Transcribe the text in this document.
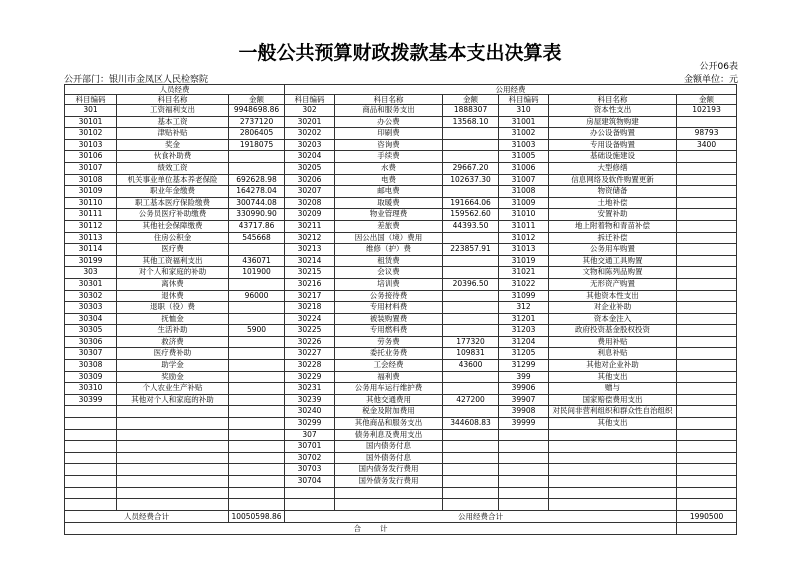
一般公共预算财政拨款基本支出决算表
公开06表
公开部门：银川市金凤区人民检察院	金额单位：元
人员经费			公用经费					
科目编码	科目名称	金额	科目编码	科目名称	金额	科目编码	科目名称	金额
301	工资福利支出	9948698.86	302	商品和服务支出	1888307	310	资本性支出	102193
30101	基本工资	2737120	30201	办公费	13568.10	31001	房屋建筑物购建	
30102	津贴补贴	2806405	30202	印刷费		31002	办公设备购置	98793
30103	奖金	1918075	30203	咨询费		31003	专用设备购置	3400
30106	伙食补助费		30204	手续费		31005	基础设施建设	
30107	绩效工资		30205	水费	29667.20	31006	大型修缮	
30108	机关事业单位基本养老保险	692628.98	30206	电费	102637.30	31007	信息网络及软件购置更新	
30109	职业年金缴费	164278.04	30207	邮电费		31008	物资储备	
30110	职工基本医疗保险缴费	300744.08	30208	取暖费	191664.06	31009	土地补偿	
30111	公务员医疗补助缴费	330990.90	30209	物业管理费	159562.60	31010	安置补助	
30112	其他社会保障缴费	43717.86	30211	差旅费	44393.50	31011	地上附着物和青苗补偿	
30113	住房公积金	545668	30212	因公出国（境）费用		31012	拆迁补偿	
30114	医疗费		30213	维修（护）费	223857.91	31013	公务用车购置	
30199	其他工资福利支出	436071	30214	租赁费		31019	其他交通工具购置	
303	对个人和家庭的补助	101900	30215	会议费		31021	文物和陈列品购置	
30301	离休费		30216	培训费	20396.50	31022	无形资产购置	
30302	退休费	96000	30217	公务接待费		31099	其他资本性支出	
30303	退职（役）费		30218	专用材料费		312	对企业补助	
30304	抚恤金		30224	被装购置费		31201	资本金注入	
30305	生活补助	5900	30225	专用燃料费		31203	政府投资基金股权投资	
30306	救济费		30226	劳务费	177320	31204	费用补贴	
30307	医疗费补助		30227	委托业务费	109831	31205	利息补贴	
30308	助学金		30228	工会经费	43600	31299	其他对企业补助	
30309	奖励金		30229	福利费		399	其他支出	
30310	个人农业生产补贴		30231	公务用车运行维护费		39906	赠与	
30399	其他对个人和家庭的补助		30239	其他交通费用	427200	39907	国家赔偿费用支出	
			30240	税金及附加费用		39908	对民间非营利组织和群众性自治组织	
			30299	其他商品和服务支出	344608.83	39999	其他支出	
			307	债务利息及费用支出				
			30701	国内债务付息				
			30702	国外债务付息				
			30703	国内债务发行费用				
			30704	国外债务发行费用				

人员经费合计		10050598.86	公用经费合计					1990500
合        计								
